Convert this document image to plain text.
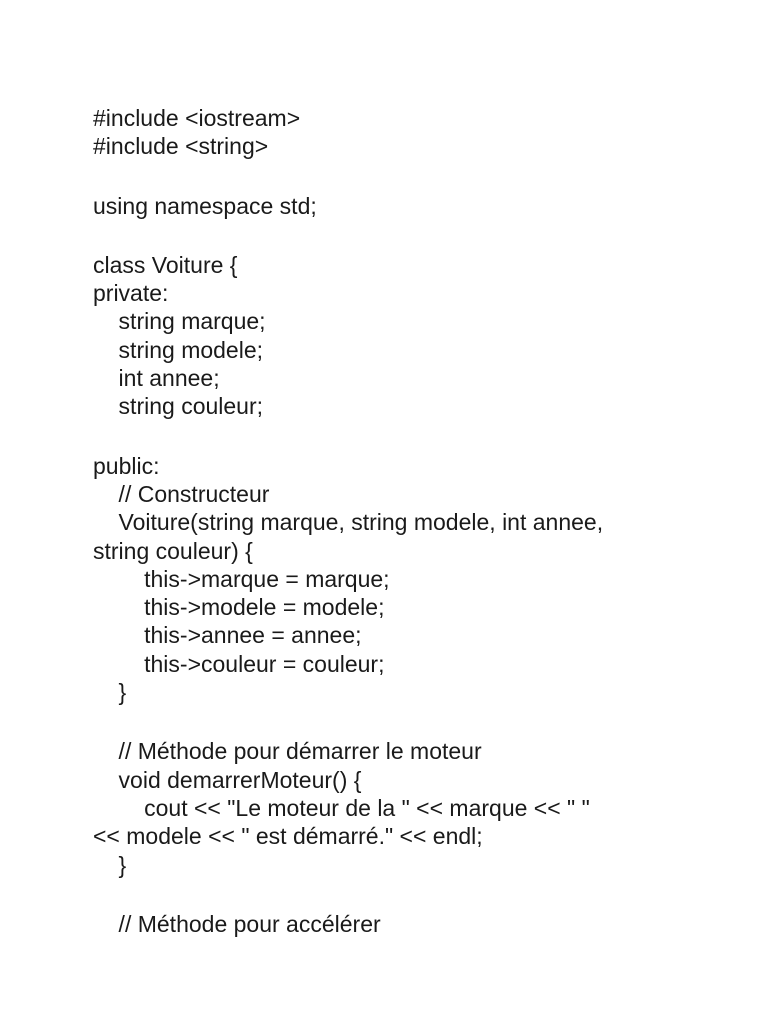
#include <iostream>
#include <string>
using namespace std;
class Voiture {
private:
string marque;
string modele;
int annee;
string couleur;
public:
// Constructeur
Voiture(string marque, string modele, int annee,
string couleur) {
this->marque = marque;
this->modele = modele;
this->annee = annee;
this->couleur = couleur;
}
// Méthode pour démarrer le moteur
void demarrerMoteur() {
cout << "Le moteur de la " << marque << " "
<< modele << " est démarré." << endl;
}
// Méthode pour accélérer
